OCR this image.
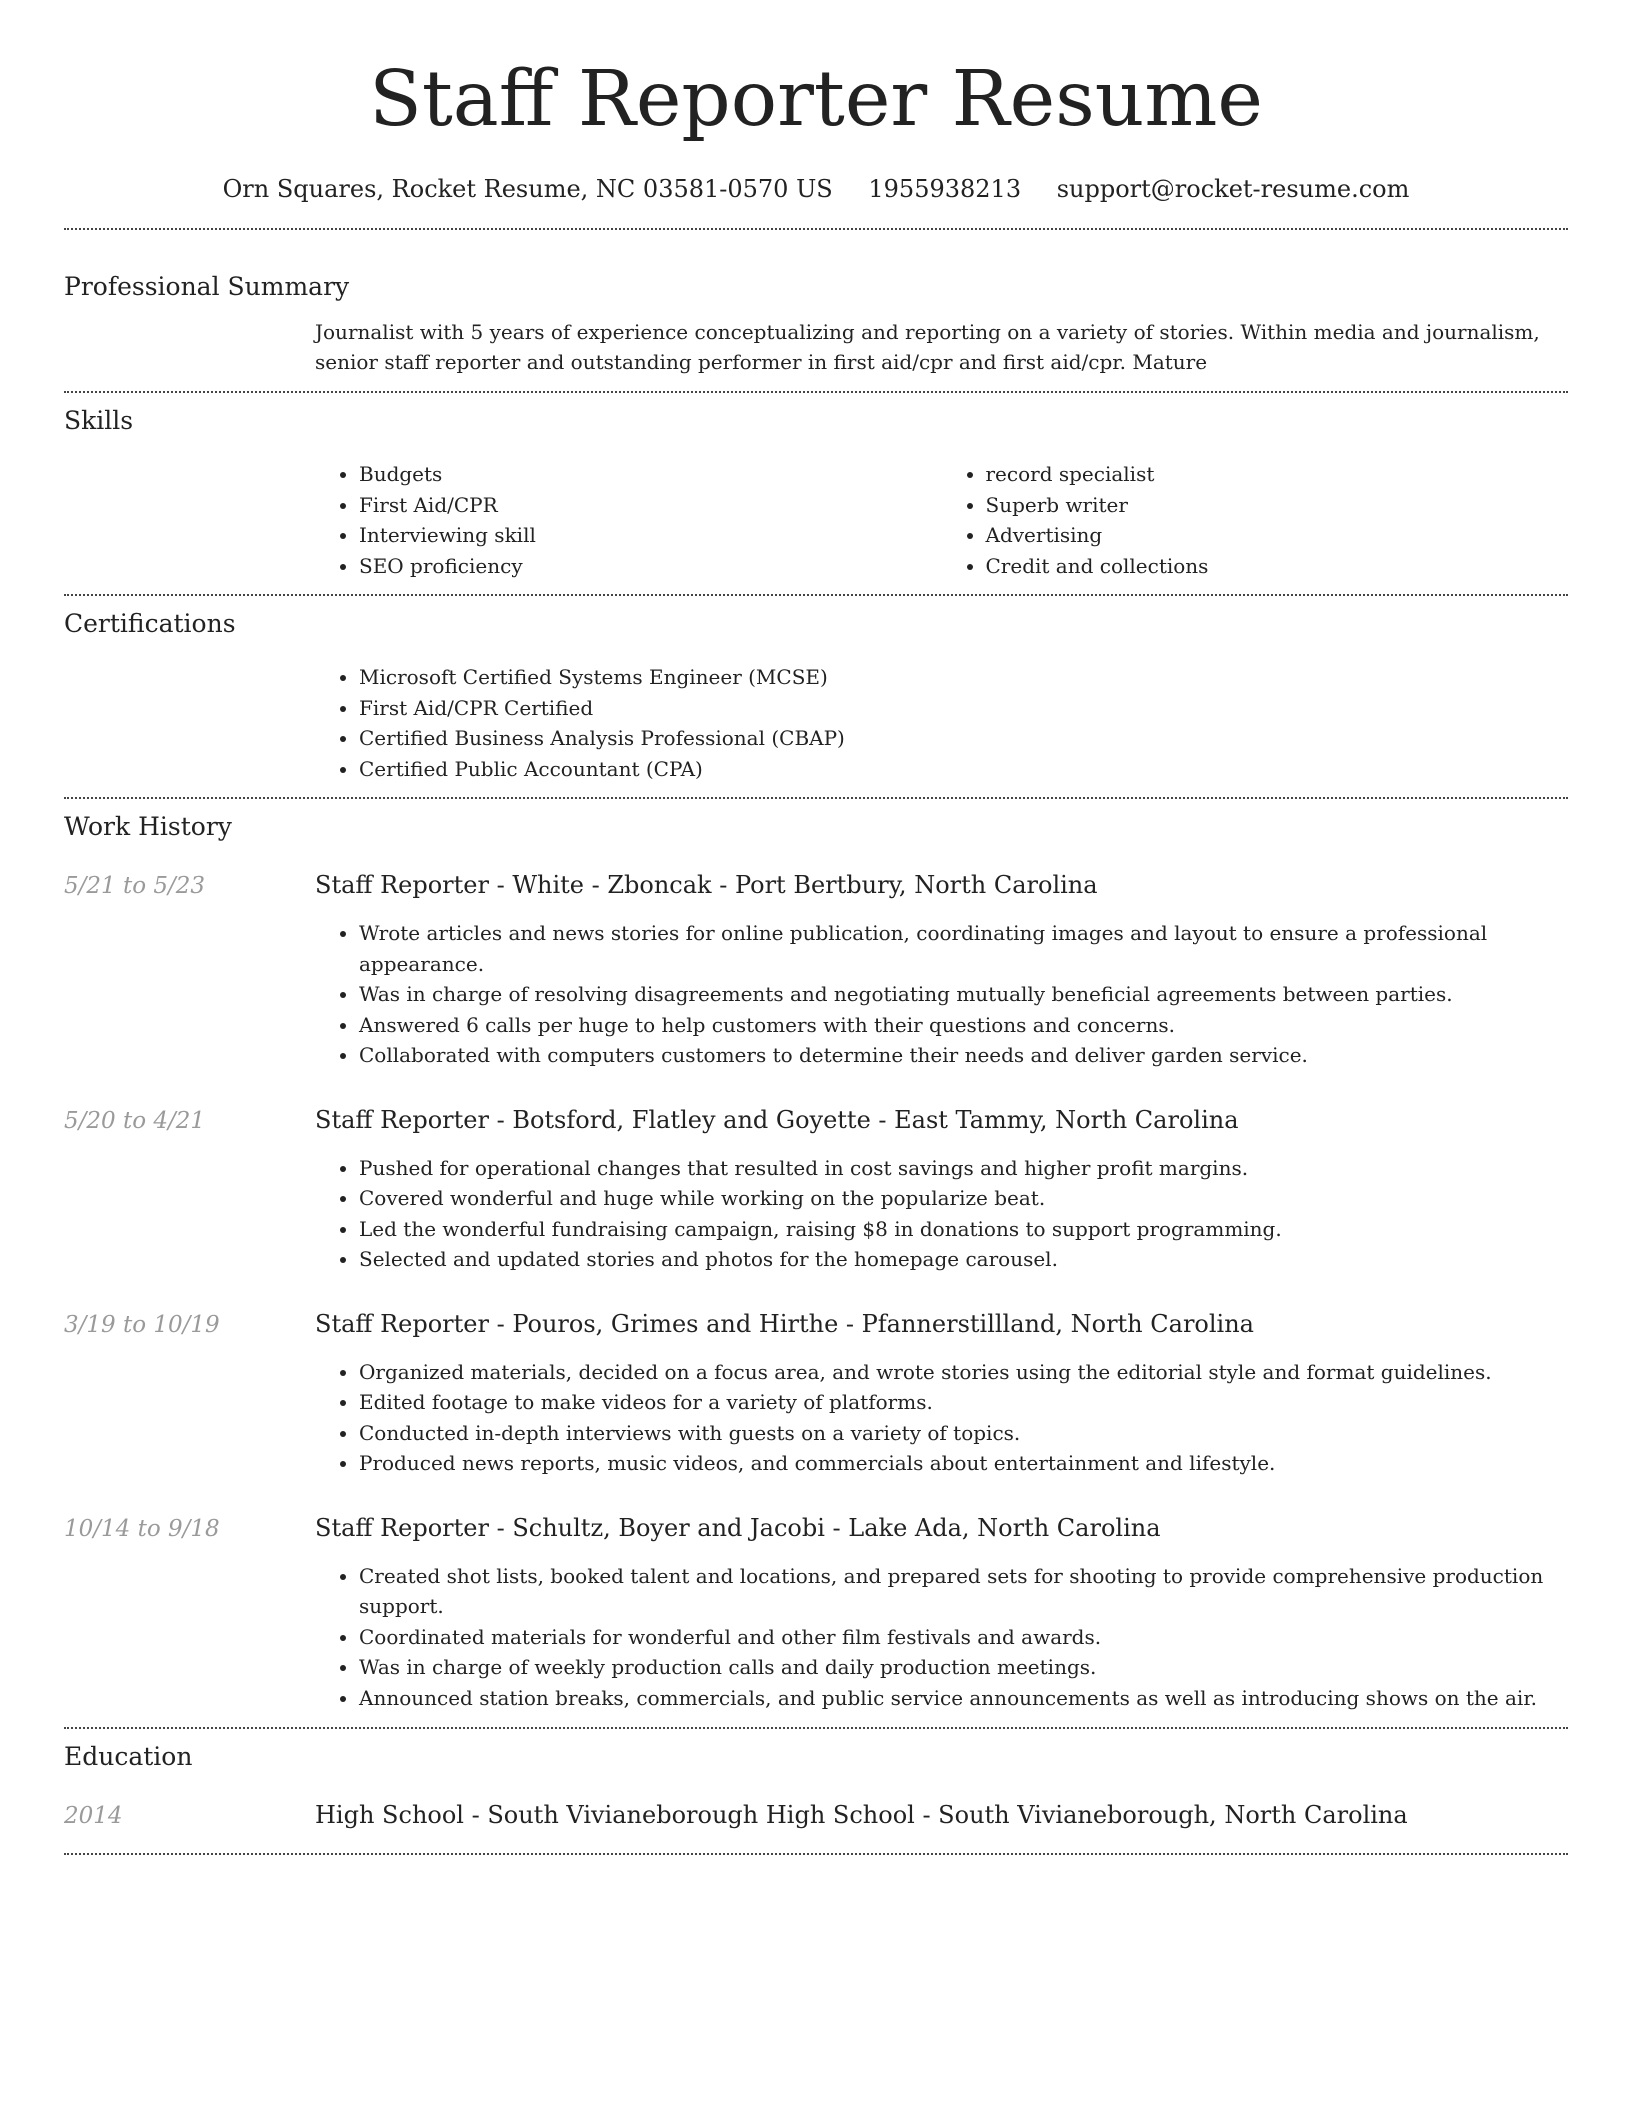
Staff Reporter Resume
Orn Squares, Rocket Resume, NC 03581-0570 US 1955938213 support@rocket-resume.com
Professional Summary
Journalist with 5 years of experience conceptualizing and reporting on a variety of stories. Within media and journalism, senior staff reporter and outstanding performer in first aid/cpr and first aid/cpr. Mature
Skills
• Budgets
• First Aid/CPR
• Interviewing skill
• SEO proficiency
• record specialist
• Superb writer
• Advertising
• Credit and collections
Certifications
• Microsoft Certified Systems Engineer (MCSE)
• First Aid/CPR Certified
• Certified Business Analysis Professional (CBAP)
• Certified Public Accountant (CPA)
Work History
5/21 to 5/23	Staff Reporter - White - Zboncak - Port Bertbury, North Carolina
• Wrote articles and news stories for online publication, coordinating images and layout to ensure a professional appearance.
• Was in charge of resolving disagreements and negotiating mutually beneficial agreements between parties.
• Answered 6 calls per huge to help customers with their questions and concerns.
• Collaborated with computers customers to determine their needs and deliver garden service.
5/20 to 4/21	Staff Reporter - Botsford, Flatley and Goyette - East Tammy, North Carolina
• Pushed for operational changes that resulted in cost savings and higher profit margins.
• Covered wonderful and huge while working on the popularize beat.
• Led the wonderful fundraising campaign, raising $8 in donations to support programming.
• Selected and updated stories and photos for the homepage carousel.
3/19 to 10/19	Staff Reporter - Pouros, Grimes and Hirthe - Pfannerstillland, North Carolina
• Organized materials, decided on a focus area, and wrote stories using the editorial style and format guidelines.
• Edited footage to make videos for a variety of platforms.
• Conducted in-depth interviews with guests on a variety of topics.
• Produced news reports, music videos, and commercials about entertainment and lifestyle.
10/14 to 9/18	Staff Reporter - Schultz, Boyer and Jacobi - Lake Ada, North Carolina
• Created shot lists, booked talent and locations, and prepared sets for shooting to provide comprehensive production support.
• Coordinated materials for wonderful and other film festivals and awards.
• Was in charge of weekly production calls and daily production meetings.
• Announced station breaks, commercials, and public service announcements as well as introducing shows on the air.
Education
2014	High School - South Vivianeborough High School - South Vivianeborough, North Carolina
